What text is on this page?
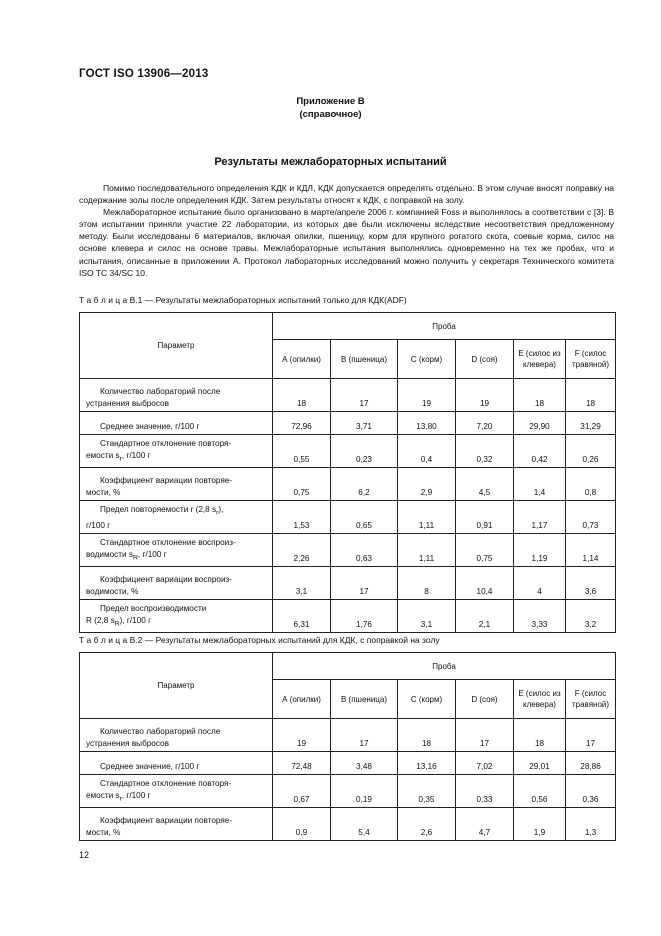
ГОСТ ISO 13906—2013
Приложение В
(справочное)
Результаты межлабораторных испытаний

Помимо последовательного определения КДК и КДЛ, КДК допускается определять отдельно. В этом случае вносят поправку на содержание золы после определения КДК. Затем результаты относят к КДК, с поправкой на золу.

Межлабораторное испытание было организовано в марте/апреле 2006 г. компанией Foss и выполнялось в соответствии с [3]. В этом испытании приняли участие 22 лаборатории, из которых две были исключены вследствие несоответствия предложенному методу. Были исследованы 6 материалов, включая опилки, пшеницу, корм для крупного рогатого скота, соевые корма, силос на основе клевера и силос на основе травы. Межлабораторные испытания выполнялись одновременно на тех же пробах, что и испытания, описанные в приложении А. Протокол лабораторных исследований можно получить у секретаря Технического комитета ISO TC 34/SC 10.

Т а б л и ц а В.1 — Результаты межлабораторных испытаний только для КДК(ADF)
Параметр	Проба					
	А (опилки)	В (пшеница)	С (корм)	D (соя)	Е (силос из
клевера)	F (силос
травяной)

Количество лабораторий после
устранения выбросов	18	17	19	19	18	18

Среднее значение, г/100 г	72,96	3,71	13,80	7,20	29,90	31,29

Стандартное отклонение повторя-
емости $s_r$, г/100 г	0,55	0,23	0,4	0,32	0,42	0,26

Коэффициент вариации повторяе-
мости, %	0,75	6,2	2,9	4,5	1,4	0,8

Предел повторяемости r (2,8 $s_r$),
г/100 г	1,53	0,65	1,11	0,91	1,17	0,73

Стандартное отклонение воспроиз-
водимости $s_R$, г/100 г	2,26	0,63	1,11	0,75	1,19	1,14

Коэффициент вариации воспроиз-
водимости, %	3,1	17	8	10,4	4	3,6

Предел воспроизводимости
R (2,8 $s_R$), г/100 г	6,31	1,76	3,1	2,1	3,33	3,2
Т а б л и ц а В.2 — Результаты межлабораторных испытаний для КДК, с поправкой на золу
Параметр	Проба					
	А (опилки)	В (пшеница)	С (корм)	D (соя)	Е (силос из
клевера)	F (силос
травяной)

Количество лабораторий после
устранения выбросов	19	17	18	17	18	17

Среднее значение, г/100 г	72,48	3,48	13,16	7,02	29,01	28,86

Стандартное отклонение повторя-
емости $s_r$, г/100 г	0,67	0,19	0,35	0,33	0,56	0,36

Коэффициент вариации повторяе-
мости, %	0,9	5,4	2,6	4,7	1,9	1,3
12
